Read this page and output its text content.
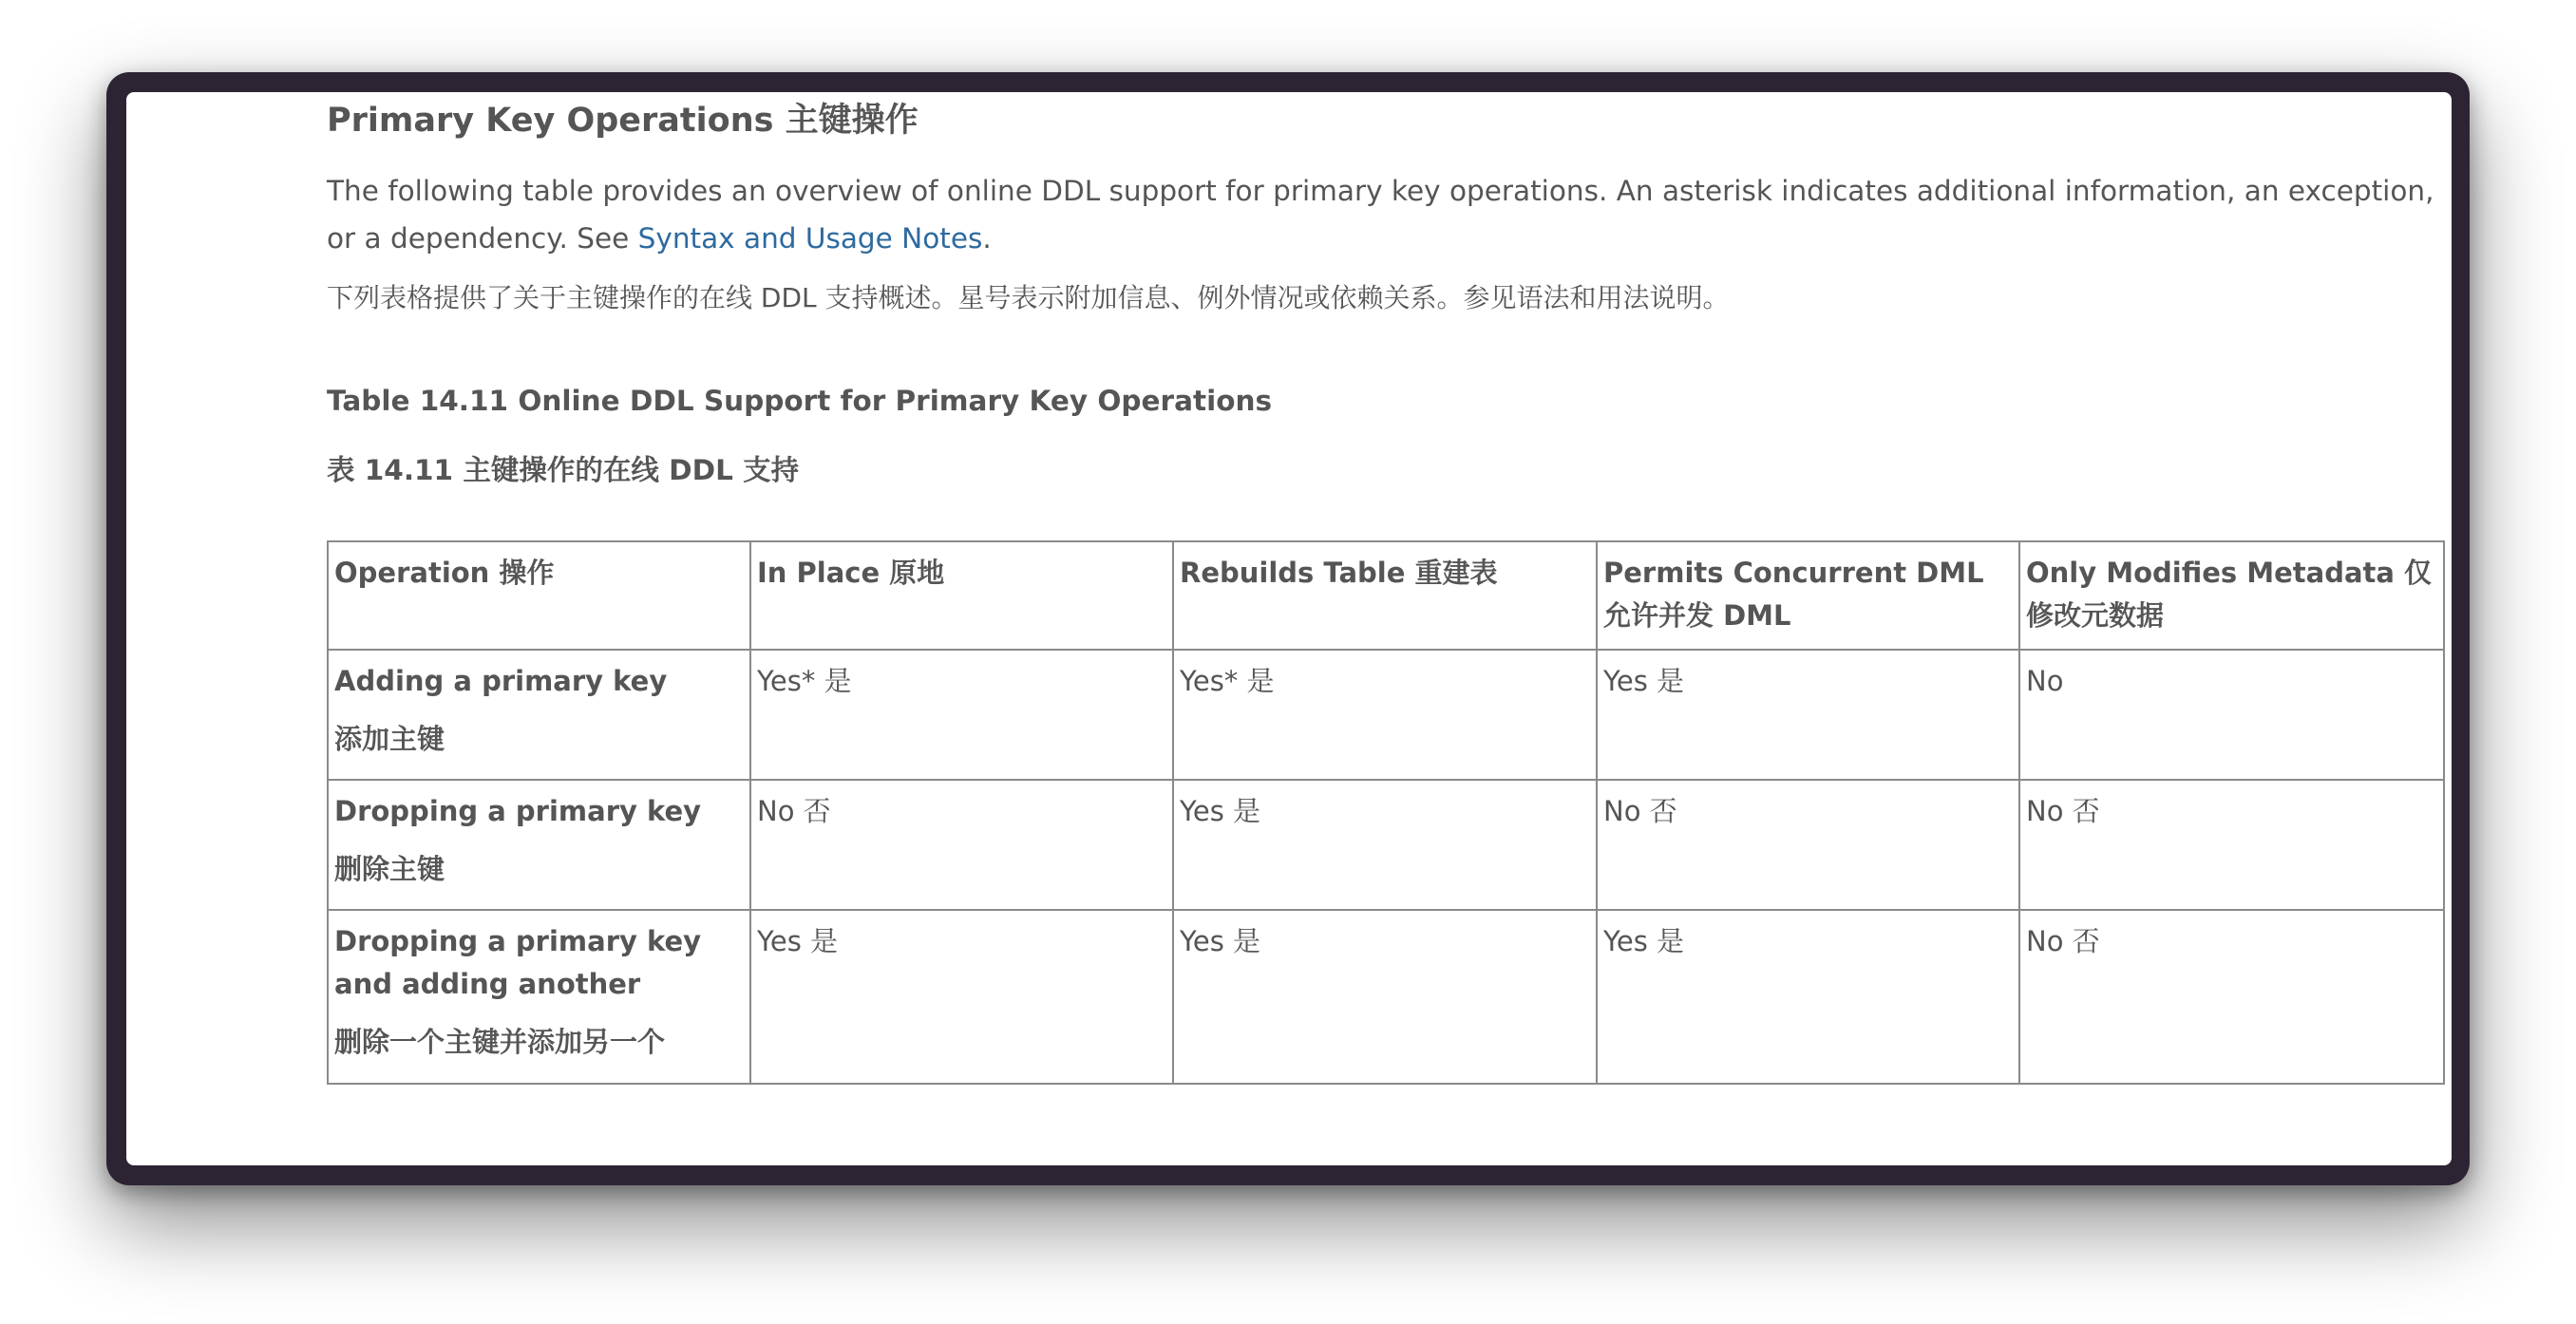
Primary Key Operations 主键操作

The following table provides an overview of online DDL support for primary key operations. An asterisk indicates additional information, an exception, or a dependency. See Syntax and Usage Notes.

下列表格提供了关于主键操作的在线 DDL 支持概述。星号表示附加信息、例外情况或依赖关系。参见语法和用法说明。

Table 14.11 Online DDL Support for Primary Key Operations

表 14.11 主键操作的在线 DDL 支持

Operation 操作	In Place 原地	Rebuilds Table 重建表	Permits Concurrent DML 允许并发 DML	Only Modifies Metadata 仅修改元数据

Adding a primary key
添加主键	Yes* 是	Yes* 是	Yes 是	No

Dropping a primary key
删除主键	No 否	Yes 是	No 否	No 否

Dropping a primary key and adding another
删除一个主键并添加另一个	Yes 是	Yes 是	Yes 是	No 否
